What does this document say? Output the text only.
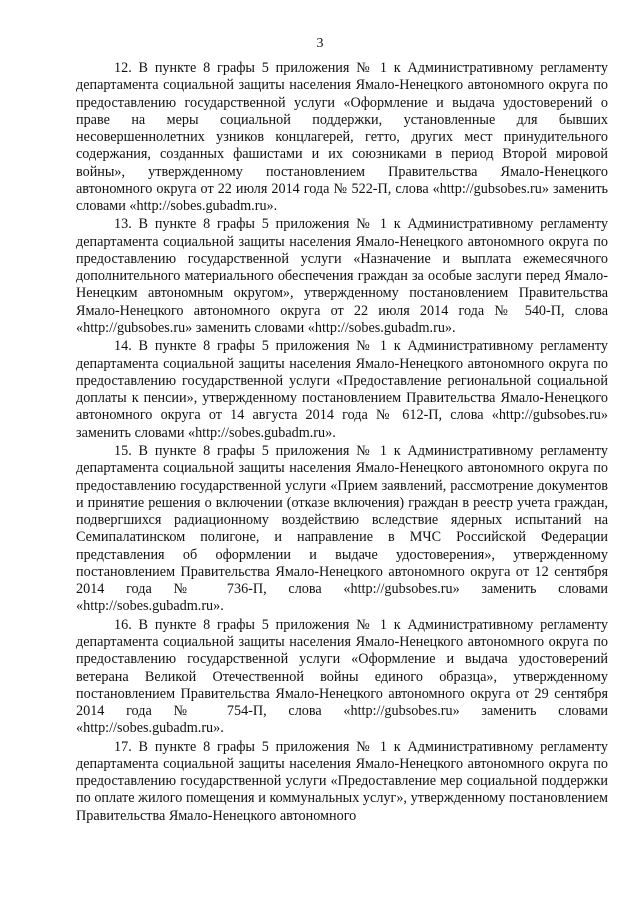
3

12. В пункте 8 графы 5 приложения № 1 к Административному регламенту департамента социальной защиты населения Ямало-Ненецкого автономного округа по предоставлению государственной услуги «Оформление и выдача удостоверений о праве на меры социальной поддержки, установленные для бывших несовершеннолетних узников концлагерей, гетто, других мест принудительного содержания, созданных фашистами и их союзниками в период Второй мировой войны», утвержденному постановлением Правительства Ямало-Ненецкого автономного округа от 22 июля 2014 года № 522-П, слова «http://gubsobes.ru» заменить словами «http://sobes.gubadm.ru».

13. В пункте 8 графы 5 приложения № 1 к Административному регламенту департамента социальной защиты населения Ямало-Ненецкого автономного округа по предоставлению государственной услуги «Назначение и выплата ежемесячного дополнительного материального обеспечения граждан за особые заслуги перед Ямало-Ненецким автономным округом», утвержденному постановлением Правительства Ямало-Ненецкого автономного округа от 22 июля 2014 года № 540-П, слова «http://gubsobes.ru» заменить словами «http://sobes.gubadm.ru».

14. В пункте 8 графы 5 приложения № 1 к Административному регламенту департамента социальной защиты населения Ямало-Ненецкого автономного округа по предоставлению государственной услуги «Предоставление региональной социальной доплаты к пенсии», утвержденному постановлением Правительства Ямало-Ненецкого автономного округа от 14 августа 2014 года № 612-П, слова «http://gubsobes.ru» заменить словами «http://sobes.gubadm.ru».

15. В пункте 8 графы 5 приложения № 1 к Административному регламенту департамента социальной защиты населения Ямало-Ненецкого автономного округа по предоставлению государственной услуги «Прием заявлений, рассмотрение документов и принятие решения о включении (отказе включения) граждан в реестр учета граждан, подвергшихся радиационному воздействию вследствие ядерных испытаний на Семипалатинском полигоне, и направление в МЧС Российской Федерации представления об оформлении и выдаче удостоверения», утвержденному постановлением Правительства Ямало-Ненецкого автономного округа от 12 сентября 2014 года № 736-П, слова «http://gubsobes.ru» заменить словами «http://sobes.gubadm.ru».

16. В пункте 8 графы 5 приложения № 1 к Административному регламенту департамента социальной защиты населения Ямало-Ненецкого автономного округа по предоставлению государственной услуги «Оформление и выдача удостоверений ветерана Великой Отечественной войны единого образца», утвержденному постановлением Правительства Ямало-Ненецкого автономного округа от 29 сентября 2014 года № 754-П, слова «http://gubsobes.ru» заменить словами «http://sobes.gubadm.ru».

17. В пункте 8 графы 5 приложения № 1 к Административному регламенту департамента социальной защиты населения Ямало-Ненецкого автономного округа по предоставлению государственной услуги «Предоставление мер социальной поддержки по оплате жилого помещения и коммунальных услуг», утвержденному постановлением Правительства Ямало-Ненецкого автономного
